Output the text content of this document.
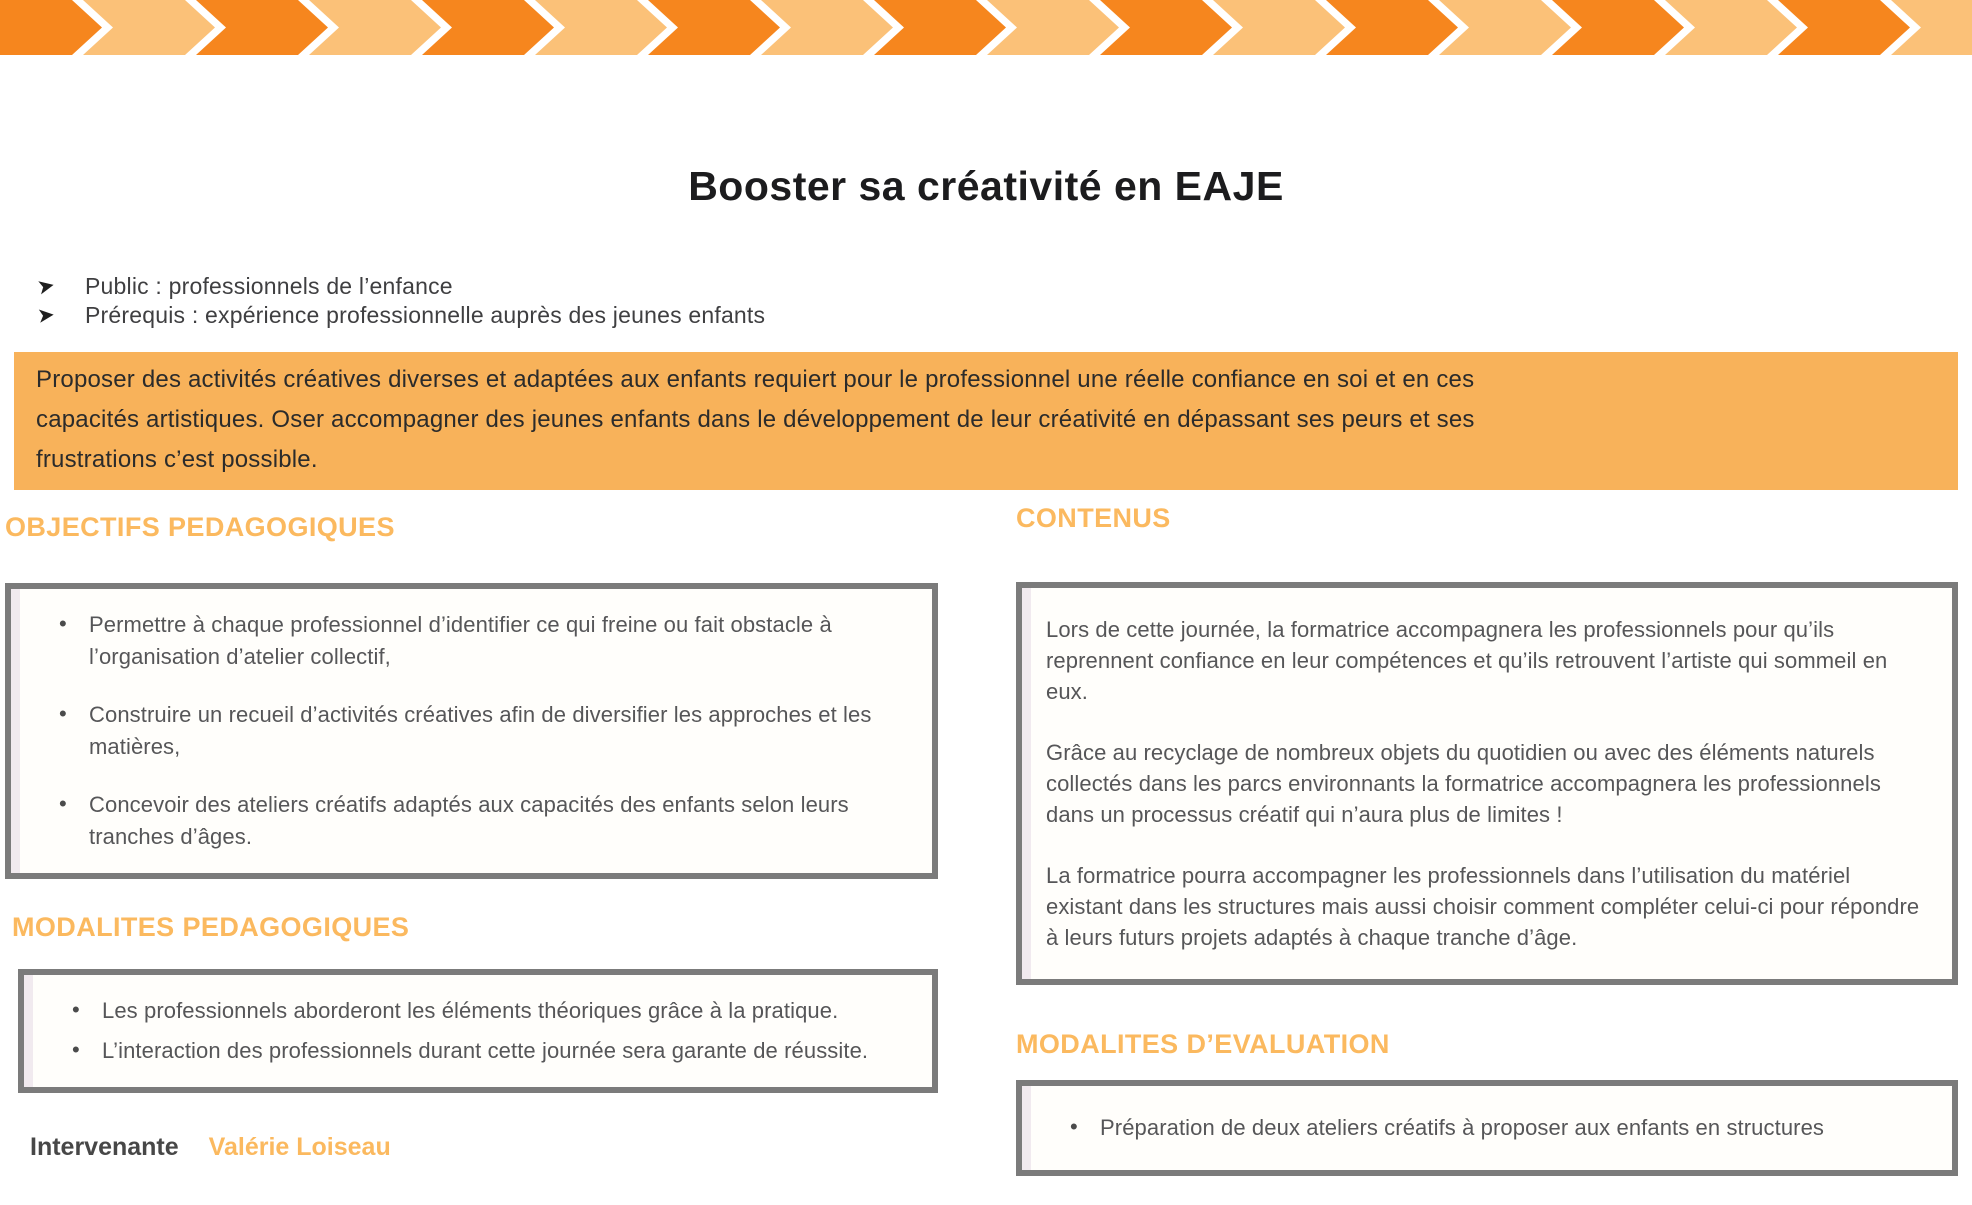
Booster sa créativité en EAJE
➤	Public : professionnels de l’enfance
➤	Prérequis : expérience professionnelle auprès des jeunes enfants
Proposer des activités créatives diverses et adaptées aux enfants requiert pour le professionnel une réelle confiance en soi et en ces
capacités artistiques. Oser accompagner des jeunes enfants dans le développement de leur créativité en dépassant ses peurs et ses
frustrations c’est possible.
OBJECTIFS PEDAGOGIQUES
• Permettre à chaque professionnel d’identifier ce qui freine ou fait obstacle à l’organisation d’atelier collectif,
• Construire un recueil d’activités créatives afin de diversifier les approches et les matières,
• Concevoir des ateliers créatifs adaptés aux capacités des enfants selon leurs tranches d’âges.
MODALITES PEDAGOGIQUES
• Les professionnels aborderont les éléments théoriques grâce à la pratique.
• L’interaction des professionnels durant cette journée sera garante de réussite.
Intervenante Valérie Loiseau
CONTENUS

Lors de cette journée, la formatrice accompagnera les professionnels pour qu’ils reprennent confiance en leur compétences et qu’ils retrouvent l’artiste qui sommeil en eux.

Grâce au recyclage de nombreux objets du quotidien ou avec des éléments naturels collectés dans les parcs environnants la formatrice accompagnera les professionnels dans un processus créatif qui n’aura plus de limites !

La formatrice pourra accompagner les professionnels dans l’utilisation du matériel existant dans les structures mais aussi choisir comment compléter celui-ci pour répondre à leurs futurs projets adaptés à chaque tranche d’âge.

MODALITES D’EVALUATION
• Préparation de deux ateliers créatifs à proposer aux enfants en structures
